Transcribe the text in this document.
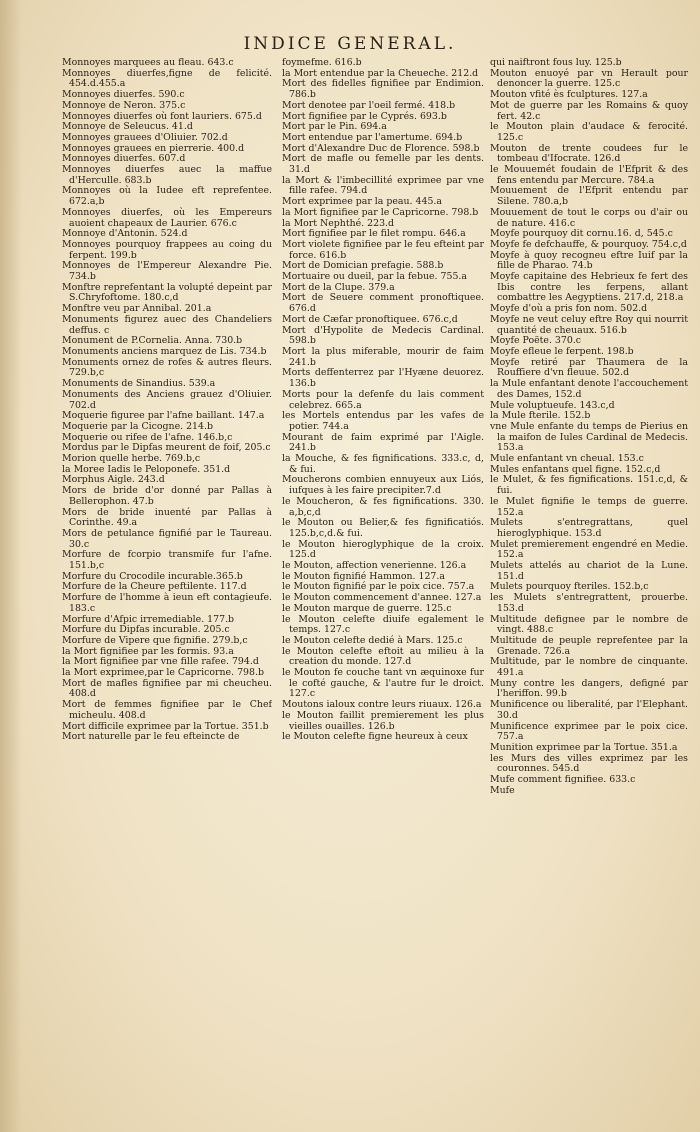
INDICE GENERAL.
Monnoyes marquees au fleau. 643.c
Monnoyes diuerfes,figne de felicité. 454.d.455.a
Monnoyes diuerfes. 590.c
Monnoye de Neron. 375.c
Monnoyes diuerfes où font lauriers. 675.d
Monnoye de Seleucus. 41.d
Monnoyes grauees d'Oliuier. 702.d
Monnoyes grauees en pierrerie. 400.d
Monnoyes diuerfes. 607.d
Monnoyes diuerfes auec la maffue d'Herculle. 683.b
Monnoyes où la Iudee eft reprefentee. 672.a,b
Monnoyes diuerfes, où les Empereurs auoient chapeaux de Laurier. 676.c
Monnoye d'Antonin. 524.d
Monnoyes pourquoy frappees au coing du ferpent. 199.b
Monnoyes de l'Empereur Alexandre Pie. 734.b
Monftre reprefentant la volupté depeint par S.Chryfoftome. 180.c,d
Monftre veu par Annibal. 201.a
Monuments figurez auec des Chandeliers deffus. c
Monument de P.Cornelia. Anna. 730.b
Monuments anciens marquez de Lis. 734.b
Monuments ornez de rofes & autres fleurs. 729.b,c
Monuments de Sinandius. 539.a
Monuments des Anciens grauez d'Oliuier. 702.d
Moquerie figuree par l'afne baillant. 147.a
Moquerie par la Cicogne. 214.b
Moquerie ou rifee de l'afne. 146.b,c
Mordus par le Dipfas meurent de foif, 205.c
Morion quelle herbe. 769.b,c
la Moree Iadis le Peloponefe. 351.d
Morphus Aigle. 243.d
Mors de bride d'or donné par Pallas à Bellerophon. 47.b
Mors de bride inuenté par Pallas à Corinthe. 49.a
Mors de petulance fignifié par le Taureau. 30.c
Morfure de fcorpio transmife fur l'afne. 151.b,c
Morfure du Crocodile incurable.365.b
Morfure de la Cheure peftilente. 117.d
Morfure de l'homme à ieun eft contagieufe. 183.c
Morfure d'Afpic irremediable. 177.b
Morfure du Dipfas incurable. 205.c
Morfure de Vipere que fignifie. 279.b,c
la Mort fignifiee par les formis. 93.a
la Mort fignifiee par vne fille rafee. 794.d
la Mort exprimee,par le Capricorne. 798.b
Mort de mafles fignifiee par mi cheucheu. 408.d
Mort de femmes fignifiee par le Chef micheulu. 408.d
Mort difficile exprimee par la Tortue. 351.b
Mort naturelle par le feu efteincte de
foymefme. 616.b
la Mort entendue par la Cheueche. 212.d
Mort des fidelles fignifiee par Endimion. 786.b
Mort denotee par l'oeil fermé. 418.b
Mort fignifiee par le Cyprés. 693.b
Mort par le Pin. 694.a
Mort entendue par l'amertume. 694.b
Mort d'Alexandre Duc de Florence. 598.b
Mort de mafle ou femelle par les dents. 31.d
la Mort & l'imbecillité exprimee par vne fille rafee. 794.d
Mort exprimee par la peau. 445.a
la Mort fignifiee par le Capricorne. 798.b
la Mort Nephthé. 223.d
Mort fignifiee par le filet rompu. 646.a
Mort violete fignifiee par le feu efteint par force. 616.b
Mort de Domician prefagie. 588.b
Mortuaire ou dueil, par la febue. 755.a
Mort de la Clupe. 379.a
Mort de Seuere comment pronoftiquee. 676.d
Mort de Cæfar pronoftiquee. 676.c,d
Mort d'Hypolite de Medecis Cardinal. 598.b
Mort la plus miferable, mourir de faim 241.b
Morts deffenterrez par l'Hyæne deuorez. 136.b
Morts pour la defenfe du lais comment celebrez. 665.a
les Mortels entendus par les vafes de potier. 744.a
Mourant de faim exprimé par l'Aigle. 241.b
la Mouche, & fes fignifications. 333.c, d, & fui.
Moucherons combien ennuyeux aux Liós, iufques à les faire precipiter.7.d
le Moucheron, & fes fignifications. 330. a,b,c,d
le Mouton ou Belier,& fes fignificatiós. 125.b,c,d.& fui.
le Mouton hieroglyphique de la croix. 125.d
le Mouton, affection venerienne. 126.a
le Mouton fignifié Hammon. 127.a
le Mouton fignifié par le poix cice. 757.a
le Mouton commencement d'annee. 127.a
le Mouton marque de guerre. 125.c
le Mouton celefte diuife egalement le temps. 127.c
le Mouton celefte dedié à Mars. 125.c
le Mouton celefte eftoit au milieu à la creation du monde. 127.d
le Mouton fe couche tant vn æquinoxe fur le cofté gauche, & l'autre fur le droict. 127.c
Moutons ialoux contre leurs riuaux. 126.a
le Mouton faillit premierement les plus vieilles ouailles. 126.b
le Mouton celefte figne heureux à ceux
qui naiftront fous luy. 125.b
Mouton enuoyé par vn Herault pour denoncer la guerre. 125.c
Mouton vfité ès fculptures. 127.a
Mot de guerre par les Romains & quoy fert. 42.c
le Mouton plain d'audace & ferocité. 125.c
Mouton de trente coudees fur le tombeau d'Ifocrate. 126.d
le Mouuemét foudain de l'Efprit & des fens entendu par Mercure. 784.a
Mouuement de l'Efprit entendu par Silene. 780.a,b
Mouuement de tout le corps ou d'air ou de nature. 416.c
Moyfe pourquoy dit cornu.16. d, 545.c
Moyfe fe defchauffe, & pourquoy. 754.c,d
Moyfe à quoy recogneu eftre Iuif par la fille de Pharao. 74.b
Moyfe capitaine des Hebrieux fe fert des Ibis contre les ferpens, allant combattre les Aegyptiens. 217.d, 218.a
Moyfe d'où a pris fon nom. 502.d
Moyfe ne veut celuy eftre Roy qui nourrit quantité de cheuaux. 516.b
Moyfe Poëte. 370.c
Moyfe efleue le ferpent. 198.b
Moyfe retiré par Thaumera de la Rouffiere d'vn fleuue. 502.d
la Mule enfantant denote l'accouchement des Dames, 152.d
Mule voluptueufe. 143.c,d
la Mule fterile. 152.b
vne Mule enfante du temps de Pierius en la maifon de Iules Cardinal de Medecis. 153.a
Mule enfantant vn cheual. 153.c
Mules enfantans quel figne. 152.c,d
le Mulet, & fes fignifications. 151.c,d, & fui.
le Mulet fignifie le temps de guerre. 152.a
Mulets s'entregrattans, quel hieroglyphique. 153.d
Mulet premierement engendré en Medie. 152.a
Mulets attelés au chariot de la Lune. 151.d
Mulets pourquoy fteriles. 152.b,c
les Mulets s'entregrattent, prouerbe. 153.d
Multitude defignee par le nombre de vingt. 488.c
Multitude de peuple reprefentee par la Grenade. 726.a
Multitude, par le nombre de cinquante. 491.a
Muny contre les dangers, defigné par l'heriffon. 99.b
Munificence ou liberalité, par l'Elephant. 30.d
Munificence exprimee par le poix cice. 757.a
Munition exprimee par la Tortue. 351.a
les Murs des villes exprimez par les couronnes. 545.d
Mufe comment fignifiee. 633.c
Mufe
